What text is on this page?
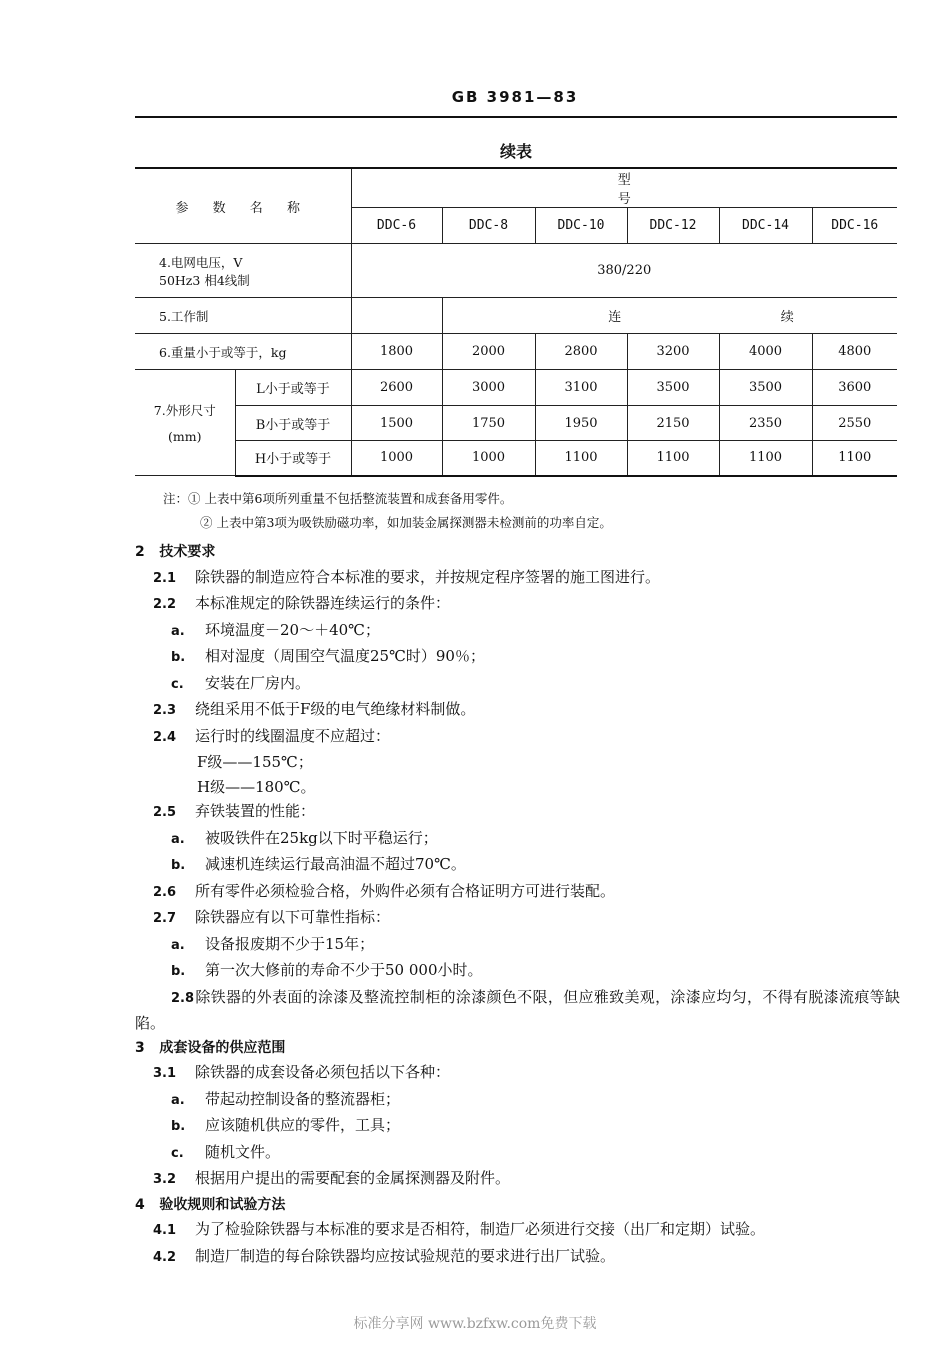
GB 3981—83
续表
参 数 名 称		型号					
		DDC-6	DDC-8	DDC-10	DDC-12	DDC-14	DDC-16

4.电网电压，V
50Hz3 相4线制		380/220					
5.工作制			连 续				
6.重量小于或等于，kg		1800	2000	2800	3200	4000	4800

7.外形尺寸
(mm)	L小于或等于	2600	3000	3100	3500	3500	3600
	B小于或等于	1500	1750	1950	2150	2350	2550
	H小于或等于	1000	1000	1100	1100	1100	1100
注：① 上表中第6项所列重量不包括整流装置和成套备用零件。
② 上表中第3项为吸铁励磁功率，如加装金属探测器未检测前的功率自定。
2 技术要求
2.1 除铁器的制造应符合本标准的要求，并按规定程序签署的施工图进行。
2.2 本标准规定的除铁器连续运行的条件：
a. 环境温度－20～＋40℃；
b. 相对湿度（周围空气温度25℃时）90％；
c. 安装在厂房内。
2.3 绕组采用不低于F级的电气绝缘材料制做。
2.4 运行时的线圈温度不应超过：
F级——155℃；
H级——180℃。
2.5 弃铁装置的性能：
a. 被吸铁件在25kg以下时平稳运行；
b. 减速机连续运行最高油温不超过70℃。
2.6 所有零件必须检验合格，外购件必须有合格证明方可进行装配。
2.7 除铁器应有以下可靠性指标：
a. 设备报废期不少于15年；
b. 第一次大修前的寿命不少于50 000小时。
2.8除铁器的外表面的涂漆及整流控制柜的涂漆颜色不限，但应雅致美观，涂漆应均匀，不得有脱漆流痕等缺陷。
3 成套设备的供应范围
3.1 除铁器的成套设备必须包括以下各种：
a. 带起动控制设备的整流器柜；
b. 应该随机供应的零件，工具；
c. 随机文件。
3.2 根据用户提出的需要配套的金属探测器及附件。
4 验收规则和试验方法
4.1 为了检验除铁器与本标准的要求是否相符，制造厂必须进行交接（出厂和定期）试验。
4.2 制造厂制造的每台除铁器均应按试验规范的要求进行出厂试验。
标准分享网 www.bzfxw.com免费下载
